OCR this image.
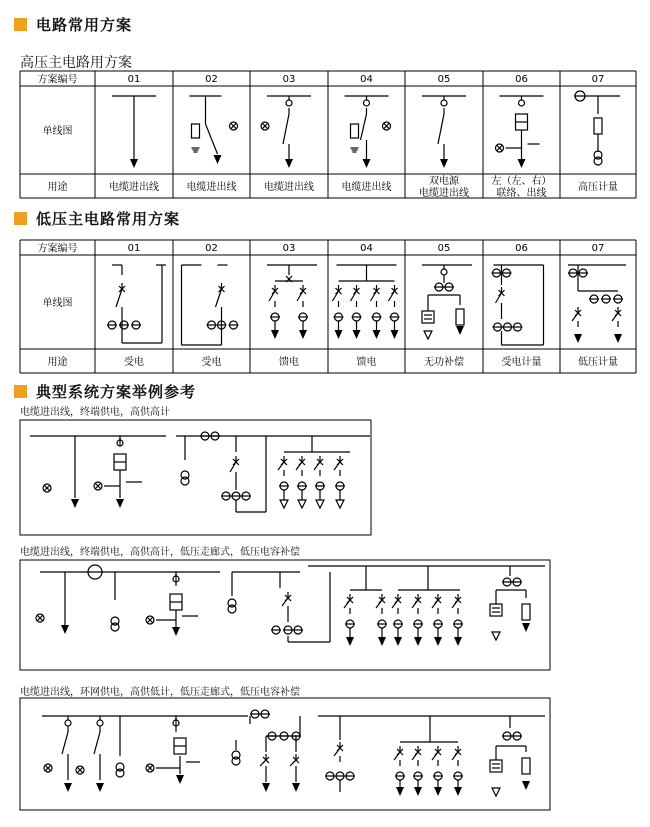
电路常用方案
高压主电路用方案
低压主电路常用方案
典型系统方案举例参考
电缆进出线，终端供电，高供高计
电缆进出线，终端供电，高供高计，低压走廊式，低压电容补偿
电缆进出线，环网供电，高供低计，低压走廊式，低压电容补偿
方案编号
单线图
用途
01
电缆进出线
02
电缆进出线
03
电缆进出线
04
电缆进出线
05
双电源
电缆进出线
06
左（左、右）
联络、出线
07
高压计量
方案编号
单线图
用途
01
受电
02
受电
03
馈电
04
馈电
05
无功补偿
06
受电计量
07
低压计量
